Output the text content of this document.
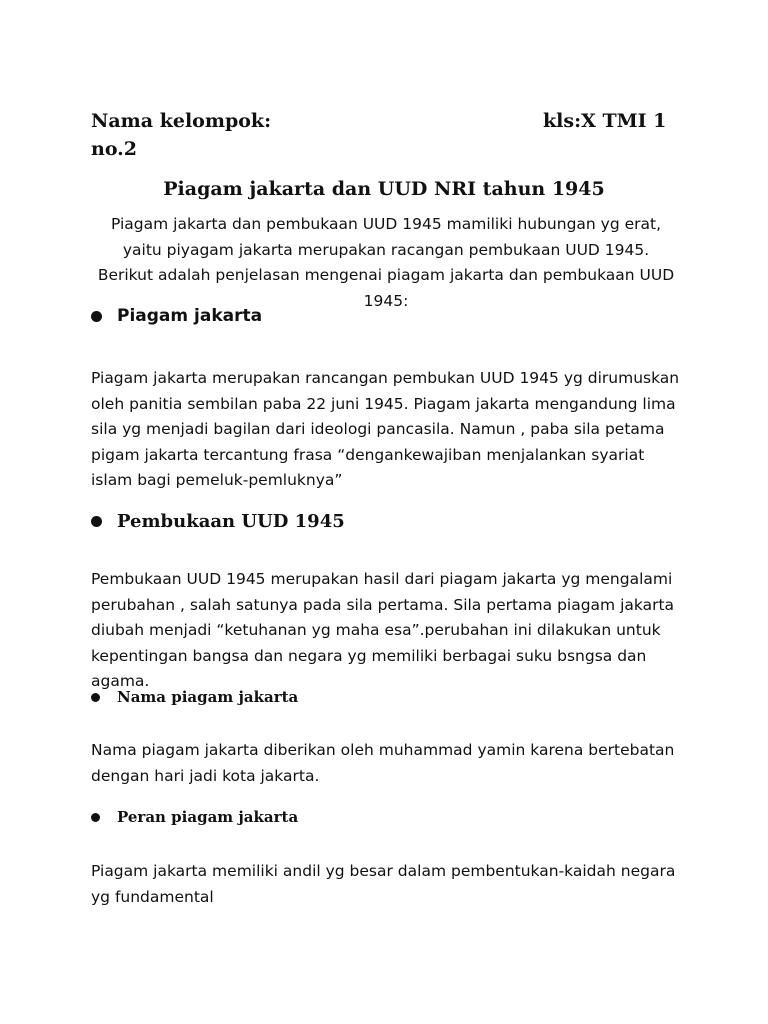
Nama kelompok:	kls:X TMI 1
no.2
Piagam jakarta dan UUD NRI tahun 1945
Piagam jakarta dan pembukaan UUD 1945 mamiliki hubungan yg erat, yaitu piyagam jakarta merupakan racangan pembukaan UUD 1945. Berikut adalah penjelasan mengenai piagam jakarta dan pembukaan UUD 1945:
Piagam jakarta
Piagam jakarta merupakan rancangan pembukan UUD 1945 yg dirumuskan oleh panitia sembilan paba 22 juni 1945. Piagam jakarta mengandung lima sila yg menjadi bagilan dari ideologi pancasila. Namun , paba sila petama pigam jakarta tercantung frasa “dengankewajiban menjalankan syariat islam bagi pemeluk-pemluknya”
Pembukaan UUD 1945
Pembukaan UUD 1945 merupakan hasil dari piagam jakarta yg mengalami perubahan , salah satunya pada sila pertama. Sila pertama piagam jakarta diubah menjadi “ketuhanan yg maha esa”.perubahan ini dilakukan untuk kepentingan bangsa dan negara yg memiliki berbagai suku bsngsa dan agama.
Nama piagam jakarta
Nama piagam jakarta diberikan oleh muhammad yamin karena bertebatan dengan hari jadi kota jakarta.
Peran piagam jakarta
Piagam jakarta memiliki andil yg besar dalam pembentukan-kaidah negara yg fundamental
